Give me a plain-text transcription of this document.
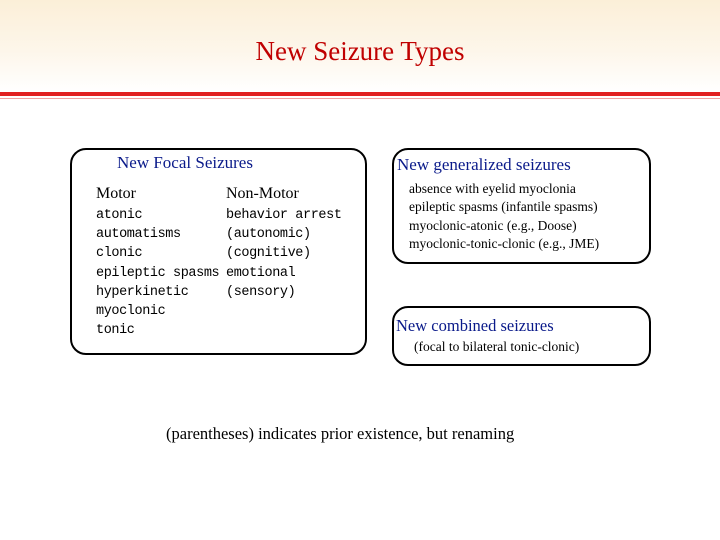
New Seizure Types
New Focal Seizures
Motor	Non-Motor
atonic
automatisms
clonic
epileptic spasms
hyperkinetic
myoclonic
tonic
behavior arrest
(autonomic)
(cognitive)
emotional
(sensory)
New generalized seizures
absence with eyelid myoclonia
epileptic spasms (infantile spasms)
myoclonic-atonic (e.g., Doose)
myoclonic-tonic-clonic (e.g., JME)
New combined seizures
(focal to bilateral tonic-clonic)
(parentheses) indicates prior existence, but renaming
